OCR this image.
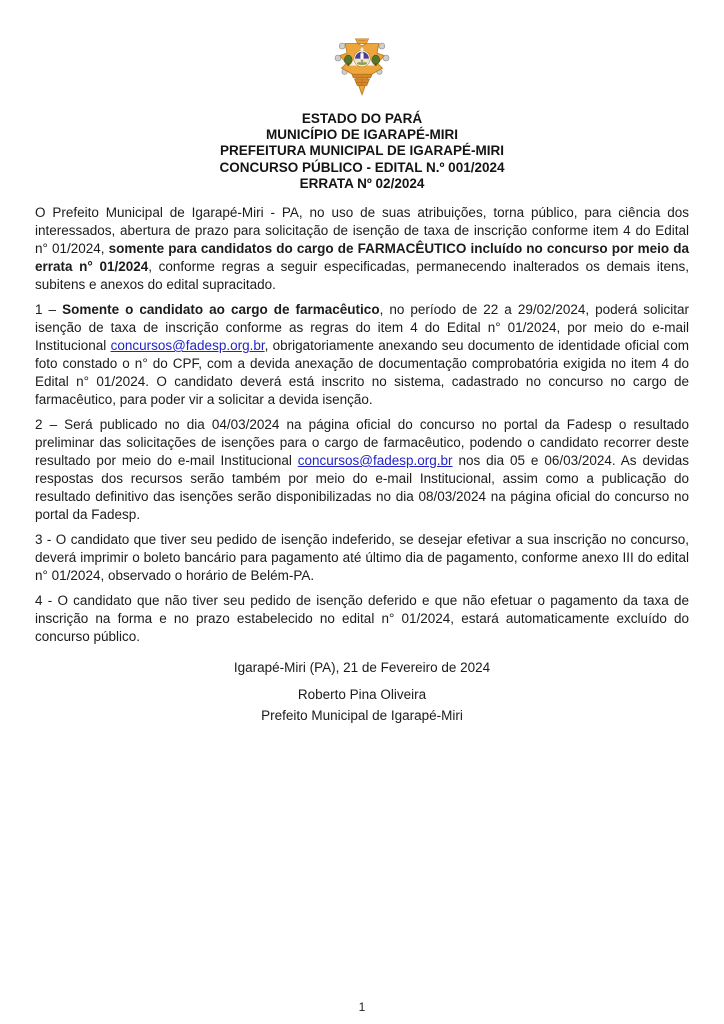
ESTADO DO PARÁ
MUNICÍPIO DE IGARAPÉ-MIRI
PREFEITURA MUNICIPAL DE IGARAPÉ-MIRI
CONCURSO PÚBLICO - EDITAL N.º 001/2024
ERRATA Nº 02/2024

O Prefeito Municipal de Igarapé-Miri - PA, no uso de suas atribuições, torna público, para ciência dos interessados, abertura de prazo para solicitação de isenção de taxa de inscrição conforme item 4 do Edital n° 01/2024, somente para candidatos do cargo de FARMACÊUTICO incluído no concurso por meio da errata n° 01/2024, conforme regras a seguir especificadas, permanecendo inalterados os demais itens, subitens e anexos do edital supracitado.

1 – Somente o candidato ao cargo de farmacêutico, no período de 22 a 29/02/2024, poderá solicitar isenção de taxa de inscrição conforme as regras do item 4 do Edital n° 01/2024, por meio do e-mail Institucional concursos@fadesp.org.br, obrigatoriamente anexando seu documento de identidade oficial com foto constado o n° do CPF, com a devida anexação de documentação comprobatória exigida no item 4 do Edital n° 01/2024. O candidato deverá está inscrito no sistema, cadastrado no concurso no cargo de farmacêutico, para poder vir a solicitar a devida isenção.

2 – Será publicado no dia 04/03/2024 na página oficial do concurso no portal da Fadesp o resultado preliminar das solicitações de isenções para o cargo de farmacêutico, podendo o candidato recorrer deste resultado por meio do e-mail Institucional concursos@fadesp.org.br nos dia 05 e 06/03/2024. As devidas respostas dos recursos serão também por meio do e-mail Institucional, assim como a publicação do resultado definitivo das isenções serão disponibilizadas no dia 08/03/2024 na página oficial do concurso no portal da Fadesp.

3 - O candidato que tiver seu pedido de isenção indeferido, se desejar efetivar a sua inscrição no concurso, deverá imprimir o boleto bancário para pagamento até último dia de pagamento, conforme anexo III do edital n° 01/2024, observado o horário de Belém-PA.

4 - O candidato que não tiver seu pedido de isenção deferido e que não efetuar o pagamento da taxa de inscrição na forma e no prazo estabelecido no edital n° 01/2024, estará automaticamente excluído do concurso público.

Igarapé-Miri (PA), 21 de Fevereiro de 2024
Roberto Pina Oliveira
Prefeito Municipal de Igarapé-Miri
1
